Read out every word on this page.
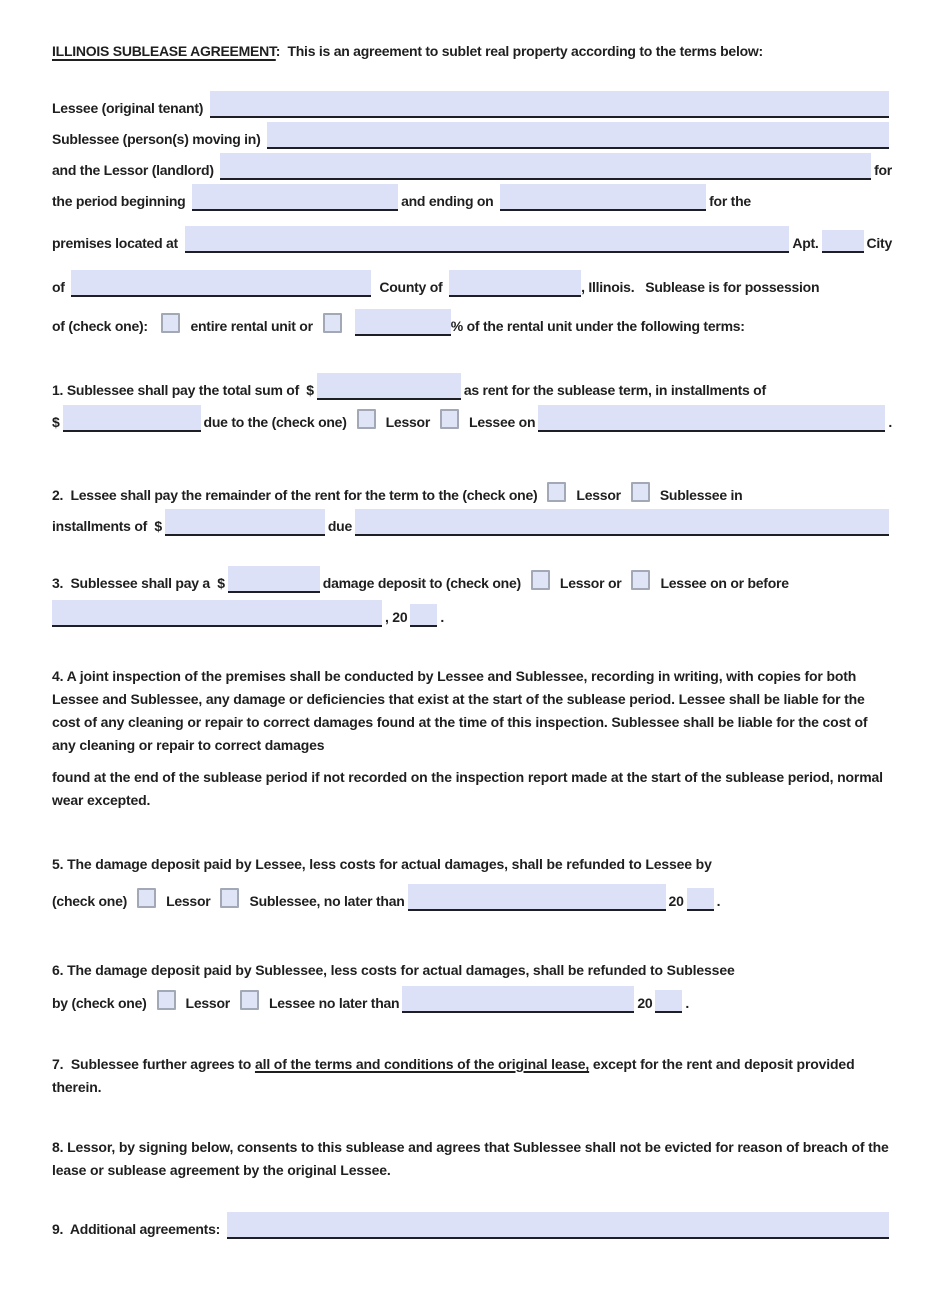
ILLINOIS SUBLEASE AGREEMENT:  This is an agreement to sublet real property according to the terms below:
Lessee (original tenant)
Sublessee (person(s) moving in)
and the Lessor (landlord)	for
the period beginning	and ending on	for the
premises located at	Apt.	City
of	County of	, Illinois.   Sublease is for possession
of (check one):	entire rental unit or	% of the rental unit under the following terms:
1. Sublessee shall pay the total sum of  $	as rent for the sublease term, in installments of
$	due to the (check one)	Lessor	Lessee on	.
2.  Lessee shall pay the remainder of the rent for the term to the (check one)	Lessor	Sublessee in
installments of  $	due
3.  Sublessee shall pay a  $	damage deposit to (check one)	Lessor or	Lessee on or before
, 20 .

4. A joint inspection of the premises shall be conducted by Lessee and Sublessee, recording in writing, with copies for both Lessee and Sublessee, any damage or deficiencies that exist at the start of the sublease period. Lessee shall be liable for the cost of any cleaning or repair to correct damages found at the time of this inspection. Sublessee shall be liable for the cost of any cleaning or repair to correct damages

found at the end of the sublease period if not recorded on the inspection report made at the start of the sublease period, normal wear excepted.

5. The damage deposit paid by Lessee, less costs for actual damages, shall be refunded to Lessee by

(check one)	Lessor	Sublessee, no later than	20 .

6. The damage deposit paid by Sublessee, less costs for actual damages, shall be refunded to Sublessee

by (check one)	Lessor	Lessee no later than	20 .

7.  Sublessee further agrees to all of the terms and conditions of the original lease, except for the rent and deposit provided therein.

8. Lessor, by signing below, consents to this sublease and agrees that Sublessee shall not be evicted for reason of breach of the lease or sublease agreement by the original Lessee.

9.  Additional agreements:
